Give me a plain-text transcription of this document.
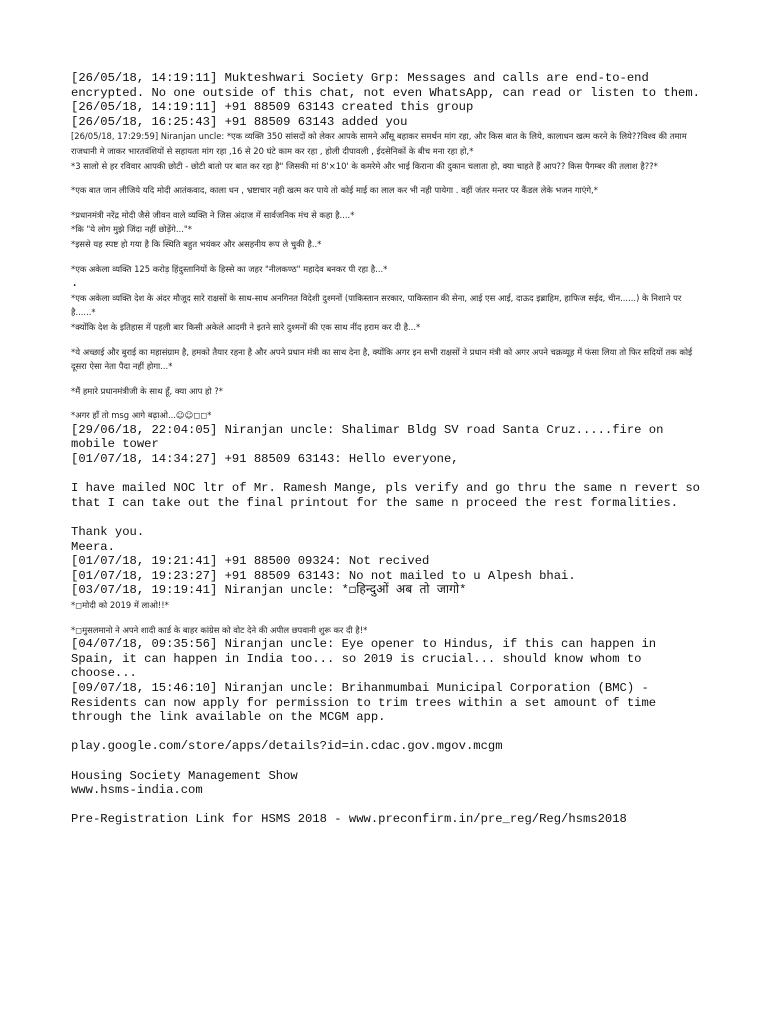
[26/05/18, 14:19:11] Mukteshwari Society Grp: Messages and calls are end-to-end encrypted. No one outside of this chat, not even WhatsApp, can read or listen to them.
[26/05/18, 14:19:11] +91 88509 63143 created this group
[26/05/18, 16:25:43] +91 88509 63143 added you
[26/05/18, 17:29:59] Niranjan uncle: *एक व्यक्ति 350 सांसदों को लेकर आपके सामने ऑंसू बहाकर समर्थन मांग रहा, और किस बात के लिये, कालाधन खत्म करने के लिये??विश्व की तमाम राजधानी मे जाकर भारतवंशियों से सहायता मांग रहा ,16 से 20 घंटे काम कर रहा , होली दीपावली , ईदसेनिकों के बीच मना रहा हो,*
*3 सालो से हर रविवार आपकी छोटी - छोटी बातो पर बात कर रहा है" जिसकी मां 8'×10' के कमरेमे और भाई किराना की दुकान चलाता हो, क्या चाहते हैं आप?? किस पैगम्बर की तलाश है??*
*एक बात जान लीजिये यदि मोदी आतंकवाद, काला धन , भ्रष्टाचार नही खत्म कर पाये तो कोई माई का लाल कर भी नही पायेगा . वहीं जंतर मन्तर पर कैंडल लेके भजन गाएंगे,*
*प्रधानमंत्री नरेंद्र मोदी जैसे जीवन वाले व्यक्ति ने जिस अंदाज में सार्वजनिक मंच से कहा है....*
*कि "ये लोग मुझे जिंदा नहीं छोड़ेंगे..."*
*इससे यह स्पष्ट हो गया है कि स्थिति बहुत भयंकर और असहनीय रूप ले चुकी है..*
*एक अकेला व्यक्ति 125 करोड़ हिंदुस्तानियों के हिस्से का जहर "नीलकण्ठ" महादेव बनकर पी रहा है...*
.
*एक अकेला व्यक्ति देश के अंदर मौजूद सारे राक्षसों के साथ-साथ अनगिनत विदेशी दुश्मनों (पाकिस्तान सरकार, पाकिस्तान की सेना, आई एस आई, दाऊद इब्राहिम, हाफिज सईद, चीन......) के निशाने पर है......*
*क्योंकि देश के इतिहास में पहली बार किसी अकेले आदमी ने इतने सारे दुश्मनों की एक साथ नींद हराम कर दी है...*
*ये अच्छाई और बुराई का महासंग्राम है, हमको तैयार रहना है और अपने प्रधान मंत्री का साथ देना है, क्योंकि अगर इन सभी राक्षसों ने प्रधान मंत्री को अगर अपने चक्रव्यूह में फंसा लिया तो फिर सदियों तक कोई दूसरा ऐसा नेता पैदा नहीं होगा...*
*मैं हमारे प्रधानमंत्रीजी के साथ हूँ, क्या आप हो ?*
*अगर हाँ तो msg आगे बढ़ाओ...☺☺◻◻*
[29/06/18, 22:04:05] Niranjan uncle: Shalimar Bldg SV road Santa Cruz.....fire on mobile tower
[01/07/18, 14:34:27] +91 88509 63143: Hello everyone,
I have mailed NOC ltr of Mr. Ramesh Mange, pls verify and go thru the same n revert so that I can take out the final printout for the same n proceed the rest formalities.
Thank you.
Meera.
[01/07/18, 19:21:41] +91 88500 09324: Not recived
[01/07/18, 19:23:27] +91 88509 63143: No not mailed to u Alpesh bhai.
[03/07/18, 19:19:41] Niranjan uncle: *◻हिन्दुओं अब तो जागो*
*◻मोदी को 2019 में लाओ!!*
*◻मुसलमानो ने अपने शादी कार्ड के बाहर कांग्रेस को वोट देने की अपील छपवानी शुरू कर दी है!*
[04/07/18, 09:35:56] Niranjan uncle: Eye opener to Hindus, if this can happen in Spain, it can happen in India too... so 2019 is crucial... should know whom to choose...
[09/07/18, 15:46:10] Niranjan uncle: Brihanmumbai Municipal Corporation (BMC) - Residents can now apply for permission to trim trees within a set amount of time through the link available on the MCGM app.
play.google.com/store/apps/details?id=in.cdac.gov.mgov.mcgm
Housing Society Management Show
www.hsms-india.com
Pre-Registration Link for HSMS 2018 - www.preconfirm.in/pre_reg/Reg/hsms2018
